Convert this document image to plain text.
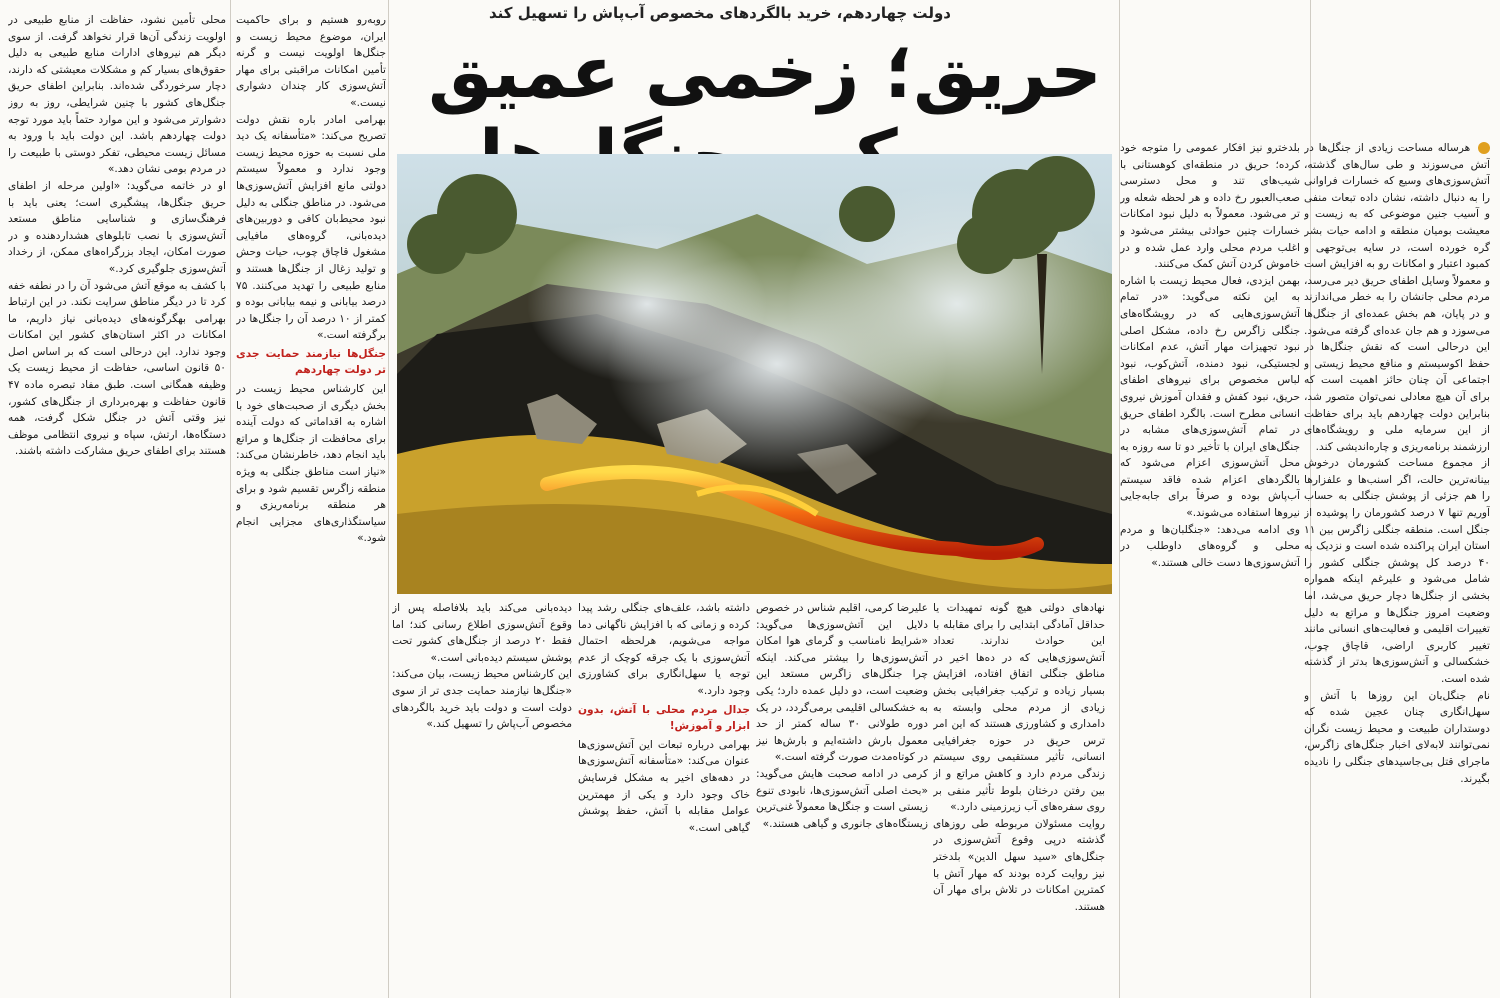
دولت چهاردهم، خرید بالگردهای مخصوص آب‌پاش را تسهیل کند
حریق؛ زخمی عمیق
هرساله مساحت زیادی از جنگل‌ها در آتش می‌سوزند و طی سال‌های گذشته، آتش‌سوزی‌های وسیع که خسارات فراوانی را به دنبال داشته، نشان داده تبعات منفی و آسیب جنین موضوعی که به زیست و معیشت بومیان منطقه و ادامه حیات بشر گره خورده است، در سایه بی‌توجهی و کمبود اعتبار و امکانات رو به افزایش است و معمولاً وسایل اطفای حریق دیر می‌رسد، مردم محلی جانشان را به خطر می‌اندازند و در پایان، هم بخش عمده‌ای از جنگل‌ها می‌سوزد و هم جان عده‌ای گرفته می‌شود. این درحالی است که نقش جنگل‌ها در حفظ اکوسیستم و منافع محیط زیستی و اجتماعی آن چنان حائز اهمیت است که برای آن هیچ معادلی نمی‌توان متصور شد، بنابراین دولت چهاردهم باید برای حفاظت از این سرمایه ملی و رویشگاه‌های ارزشمند برنامه‌ریزی و چاره‌اندیشی کند.

از مجموع مساحت کشورمان درخوش بینانه‌ترین حالت، اگر اسنب‌ها و علفزارها را هم جزئی از پوشش جنگلی به حساب آوریم تنها ۷ درصد کشورمان را پوشیده از جنگل است. منطقه جنگلی زاگرس بین ۱۱ استان ایران پراکنده شده است و نزدیک به ۴۰ درصد کل پوشش جنگلی کشور را شامل می‌شود و علیرغم اینکه همواره بخشی از جنگل‌ها دچار حریق می‌شد، اما وضعیت امروز جنگل‌ها و مراتع به دلیل تغییرات اقلیمی و فعالیت‌های انسانی مانند تغییر کاربری اراضی، قاچاق چوب، خشکسالی و آتش‌سوزی‌ها بدتر از گذشته شده است.
نام جنگل‌بان این روزها با آتش و سهل‌انگاری چنان عجین شده که دوستداران طبیعت و محیط زیست نگران نمی‌توانند لابه‌لای اخبار جنگل‌های زاگرس، ماجرای قتل بی‌جاسیدهای جنگلی را نادیده بگیرند.

بلدخترو نیز افکار عمومی را متوجه خود کرده؛ حریق در منطقه‌ای کوهستانی با شیب‌های تند و محل دسترسی صعب‌العبور رخ داده و هر لحظه شعله ور تر می‌شود. معمولاً به دلیل نبود امکانات خسارات چنین حوادثی بیشتر می‌شود و اغلب مردم محلی وارد عمل شده و در خاموش کردن آتش کمک می‌کنند.
بهمن ایزدی، فعال محیط زیست با اشاره به این نکته می‌گوید: «در تمام آتش‌سوزی‌هایی که در رویشگاه‌های جنگلی زاگرس رخ داده، مشکل اصلی نبود تجهیزات مهار آتش، عدم امکانات لجستیکی، نبود دمنده، آتش‌کوب، نبود لباس مخصوص برای نیروهای اطفای حریق، نبود کفش و فقدان آموزش نیروی انسانی مطرح است. بالگرد اطفای حریق در تمام آتش‌سوزی‌های مشابه در جنگل‌های ایران با تأخیر دو تا سه روزه به محل آتش‌سوزی اعزام می‌شود که بالگردهای اعزام شده فاقد سیستم آب‌پاش بوده و صرفاً برای جابه‌جایی نیروها استفاده می‌شوند.»
وی ادامه می‌دهد: «جنگلبان‌ها و مردم محلی و گروه‌های داوطلب در آتش‌سوزی‌ها دست خالی هستند.»

محلی تأمین نشود، حفاظت از منابع طبیعی در اولویت زندگی آن‌ها قرار نخواهد گرفت. از سوی دیگر هم نیروهای ادارات منابع طبیعی به دلیل حقوق‌های بسیار کم و مشکلات معیشتی که دارند، دچار سرخوردگی شده‌اند. بنابراین اطفای حریق جنگل‌های کشور با چنین شرایطی، روز به روز دشوارتر می‌شود و این موارد حتماً باید مورد توجه دولت چهاردهم باشد. این دولت باید با ورود به مسائل زیست محیطی، تفکر دوستی با طبیعت را در مردم بومی نشان دهد.»
او در خاتمه می‌گوید: «اولین مرحله از اطفای حریق جنگل‌ها، پیشگیری است؛ یعنی باید با فرهنگ‌سازی و شناسایی مناطق مستعد آتش‌سوزی با نصب تابلوهای هشداردهنده و در صورت امکان، ایجاد بزرگراه‌های ممکن، از رخداد آتش‌سوزی جلوگیری کرد.»
با کشف به موقع آتش می‌شود آن را در نطفه خفه کرد تا در دیگر مناطق سرایت نکند. در این ارتباط بهرامی بهگرگونه‌های دیده‌بانی نیاز داریم، ما امکانات در اکثر استان‌های کشور این امکانات وجود ندارد. این درحالی است که بر اساس اصل ۵۰ قانون اساسی، حفاظت از محیط زیست یک وظیفه همگانی است. طبق مفاد تبصره ماده ۴۷ قانون حفاظت و بهره‌برداری از جنگل‌های کشور، نیز وقتی آتش در جنگل شکل گرفت، همه دستگاه‌ها، ارتش، سپاه و نیروی انتظامی موظف هستند برای اطفای حریق مشارکت داشته باشند.

روبه‌رو هستیم و برای حاکمیت ایران، موضوع محیط زیست و جنگل‌ها اولویت نیست و گرنه تأمین امکانات مراقبتی برای مهار آتش‌سوزی کار چندان دشواری نیست.»
بهرامی امادر باره نقش دولت تصریح می‌کند: «متأسفانه یک دید ملی نسبت به حوزه محیط زیست وجود ندارد و معمولاً سیستم دولتی مانع افزایش آتش‌سوزی‌ها می‌شود. در مناطق جنگلی به دلیل نبود محیط‌بان کافی و دوربین‌های دیده‌بانی، گروه‌های مافیایی مشغول قاچاق چوب، حیات وحش و تولید زغال از جنگل‌ها هستند و منابع طبیعی را تهدید می‌کنند. ۷۵ درصد بیابانی و نیمه بیابانی بوده و کمتر از ۱۰ درصد آن را جنگل‌ها در برگرفته است.»

جنگل‌ها نیازمند حمایت جدی تر دولت چهاردهم

این کارشناس محیط زیست در بخش دیگری از صحبت‌های خود با اشاره به اقداماتی که دولت آینده برای محافظت از جنگل‌ها و مراتع باید انجام دهد، خاطرنشان می‌کند: «نیاز است مناطق جنگلی به ویژه منطقه زاگرس تقسیم شود و برای هر منطقه برنامه‌ریزی و سیاستگذاری‌های مجزایی انجام شود.»

نهادهای دولتی هیچ گونه تمهیدات یا حداقل آمادگی ابتدایی را برای مقابله با این حوادث ندارند. تعداد آتش‌سوزی‌هایی که در ده‌ها اخیر در مناطق جنگلی اتفاق افتاده، افزایش بسیار زیاده و ترکیب جغرافیایی بخش زیادی از مردم محلی وابسته به دامداری و کشاورزی هستند که این امر ترس حریق در حوزه جغرافیایی انسانی، تأثیر مستقیمی روی سیستم زندگی مردم دارد و کاهش مراتع و از بین رفتن درختان بلوط تأثیر منفی بر روی سفره‌های آب زیرزمینی دارد.»
روایت مسئولان مربوطه طی روزهای گذشته درپی وقوع آتش‌سوزی در جنگل‌های «سید سهل الدین» بلدختر نیز روایت کرده بودند که مهار آتش با کمترین امکانات در تلاش برای مهار آن هستند.

علیرضا کرمی، اقلیم شناس در خصوص دلایل این آتش‌سوزی‌ها می‌گوید: «شرایط نامناسب و گرمای هوا امکان آتش‌سوزی‌ها را بیشتر می‌کند. اینکه چرا جنگل‌های زاگرس مستعد این وضعیت است، دو دلیل عمده دارد؛ یکی به خشکسالی اقلیمی برمی‌گردد، در یک دوره طولانی ۳۰ ساله کمتر از حد معمول بارش داشته‌ایم و بارش‌ها نیز در کوتاه‌مدت صورت گرفته است.»
کرمی در ادامه صحبت هایش می‌گوید: «بحث اصلی آتش‌سوزی‌ها، نابودی تنوع زیستی است و جنگل‌ها معمولاً غنی‌ترین زیستگاه‌های جانوری و گیاهی هستند.»

داشته باشد، علف‌های جنگلی رشد پیدا کرده و زمانی که با افزایش ناگهانی دما مواجه می‌شویم، هرلحظه احتمال آتش‌سوزی با یک جرقه کوچک از عدم توجه یا سهل‌انگاری برای کشاورزی وجود دارد.»

جدال مردم محلی با آتش، بدون ابزار و آموزش!

بهرامی درباره تبعات این آتش‌سوزی‌ها عنوان می‌کند: «متأسفانه آتش‌سوزی‌ها در دهه‌های اخیر به مشکل فرسایش خاک وجود دارد و یکی از مهمترین عوامل مقابله با آتش، حفظ پوشش گیاهی است.»

دیده‌بانی می‌کند باید بلافاصله پس از وقوع آتش‌سوزی اطلاع رسانی کند؛ اما فقط ۲۰ درصد از جنگل‌های کشور تحت پوشش سیستم دیده‌بانی است.»
این کارشناس محیط زیست، بیان می‌کند: «جنگل‌ها نیازمند حمایت جدی تر از سوی دولت است و دولت باید خرید بالگردهای مخصوص آب‌پاش را تسهیل کند.»
